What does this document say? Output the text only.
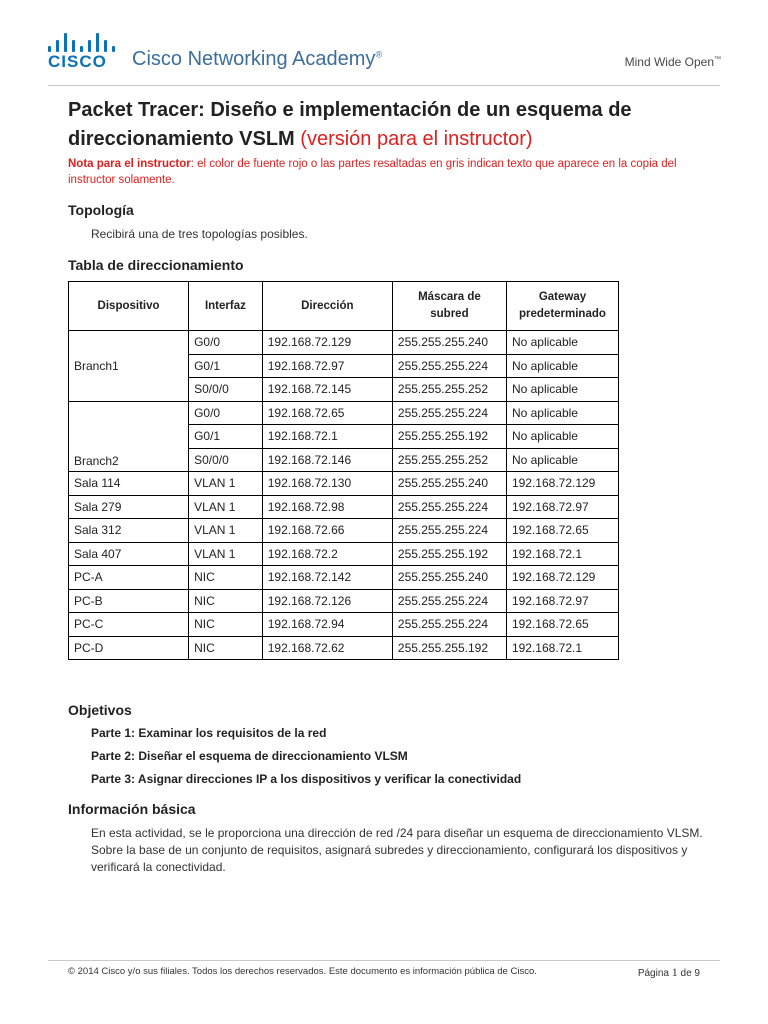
CISCO Cisco Networking Academy®
Mind Wide Open™
Packet Tracer: Diseño e implementación de un esquema de direccionamiento VSLM (versión para el instructor)
Nota para el instructor: el color de fuente rojo o las partes resaltadas en gris indican texto que aparece en la copia del instructor solamente.
Topología
Recibirá una de tres topologías posibles.
Tabla de direccionamiento
Dispositivo	Interfaz	Dirección	Máscara de subred	Gateway predeterminado
Branch1	G0/0	192.168.72.129	255.255.255.240	No aplicable
	G0/1	192.168.72.97	255.255.255.224	No aplicable
	S0/0/0	192.168.72.145	255.255.255.252	No aplicable
Branch2	G0/0	192.168.72.65	255.255.255.224	No aplicable
	G0/1	192.168.72.1	255.255.255.192	No aplicable
	S0/0/0	192.168.72.146	255.255.255.252	No aplicable
Sala 114	VLAN 1	192.168.72.130	255.255.255.240	192.168.72.129
Sala 279	VLAN 1	192.168.72.98	255.255.255.224	192.168.72.97
Sala 312	VLAN 1	192.168.72.66	255.255.255.224	192.168.72.65
Sala 407	VLAN 1	192.168.72.2	255.255.255.192	192.168.72.1
PC-A	NIC	192.168.72.142	255.255.255.240	192.168.72.129
PC-B	NIC	192.168.72.126	255.255.255.224	192.168.72.97
PC-C	NIC	192.168.72.94	255.255.255.224	192.168.72.65
PC-D	NIC	192.168.72.62	255.255.255.192	192.168.72.1
Objetivos
Parte 1: Examinar los requisitos de la red
Parte 2: Diseñar el esquema de direccionamiento VLSM
Parte 3: Asignar direcciones IP a los dispositivos y verificar la conectividad
Información básica
En esta actividad, se le proporciona una dirección de red /24 para diseñar un esquema de direccionamiento VLSM. Sobre la base de un conjunto de requisitos, asignará subredes y direccionamiento, configurará los dispositivos y verificará la conectividad.
© 2014 Cisco y/o sus filiales. Todos los derechos reservados. Este documento es información pública de Cisco.	Página 1 de 9
